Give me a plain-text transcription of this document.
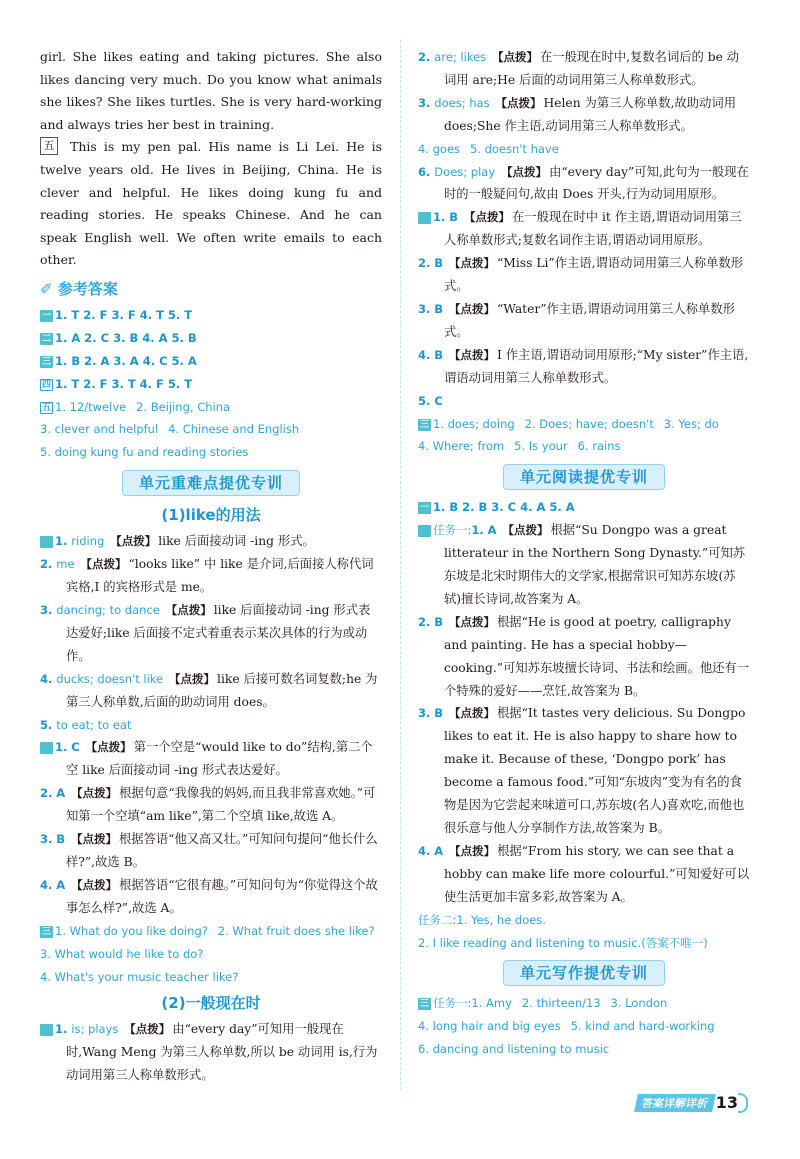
girl. She likes eating and taking pictures. She also likes dancing very much. Do you know what animals she likes? She likes turtles. She is very hard-working and always tries her best in training.

五 This is my pen pal. His name is Li Lei. He is twelve years old. He lives in Beijing, China. He is clever and helpful. He likes doing kung fu and reading stories. He speaks Chinese. And he can speak English well. We often write emails to each other.

✐ 参考答案

一 1. T 2. F 3. F 4. T 5. T

二 1. A 2. C 3. B 4. A 5. B

三 1. B 2. A 3. A 4. C 5. A

四 1. T 2. F 3. T 4. F 5. T

五 1. 12/twelve 2. Beijing, China

3. clever and helpful 4. Chinese and English

5. doing kung fu and reading stories

单元重难点提优专训
(1)like的用法

一 1. riding 【点拨】 like 后面接动词 -ing 形式。

2. me 【点拨】 “looks like” 中 like 是介词,后面接人称代词宾格,I 的宾格形式是 me。

3. dancing; to dance 【点拨】 like 后面接动词 -ing 形式表达爱好;like 后面接不定式着重表示某次具体的行为或动作。

4. ducks; doesn't like 【点拨】 like 后接可数名词复数;he 为第三人称单数,后面的助动词用 does。

5. to eat; to eat

二 1. C 【点拨】 第一个空是“would like to do”结构,第二个空 like 后面接动词 -ing 形式表达爱好。

2. A 【点拨】 根据句意“我像我的妈妈,而且我非常喜欢她。”可知第一个空填“am like”,第二个空填 like,故选 A。

3. B 【点拨】 根据答语“他又高又壮。”可知问句提问“他长什么样?”,故选 B。

4. A 【点拨】 根据答语“它很有趣。”可知问句为“你觉得这个故事怎么样?”,故选 A。

三 1. What do you like doing? 2. What fruit does she like?

3. What would he like to do?

4. What's your music teacher like?

(2)一般现在时

一 1. is; plays 【点拨】 由“every day”可知用一般现在时,Wang Meng 为第三人称单数,所以 be 动词用 is,行为动词用第三人称单数形式。

2. are; likes 【点拨】 在一般现在时中,复数名词后的 be 动词用 are;He 后面的动词用第三人称单数形式。

3. does; has 【点拨】 Helen 为第三人称单数,故助动词用 does;She 作主语,动词用第三人称单数形式。

4. goes 5. doesn't have

6. Does; play 【点拨】 由“every day”可知,此句为一般现在时的一般疑问句,故由 Does 开头,行为动词用原形。

二 1. B 【点拨】 在一般现在时中 it 作主语,谓语动词用第三人称单数形式;复数名词作主语,谓语动词用原形。

2. B 【点拨】 “Miss Li”作主语,谓语动词用第三人称单数形式。

3. B 【点拨】 “Water”作主语,谓语动词用第三人称单数形式。

4. B 【点拨】 I 作主语,谓语动词用原形;“My sister”作主语,谓语动词用第三人称单数形式。

5. C

三 1. does; doing 2. Does; have; doesn't 3. Yes; do

4. Where; from 5. Is your 6. rains

单元阅读提优专训

一 1. B 2. B 3. C 4. A 5. A

二 任务一:1. A 【点拨】 根据“Su Dongpo was a great litterateur in the Northern Song Dynasty.”可知苏东坡是北宋时期伟大的文学家,根据常识可知苏东坡(苏轼)擅长诗词,故答案为 A。

2. B 【点拨】 根据“He is good at poetry, calligraphy and painting. He has a special hobby—cooking.”可知苏东坡擅长诗词、书法和绘画。他还有一个特殊的爱好——烹饪,故答案为 B。

3. B 【点拨】 根据“It tastes very delicious. Su Dongpo likes to eat it. He is also happy to share how to make it. Because of these, ‘Dongpo pork’ has become a famous food.”可知“东坡肉”变为有名的食物是因为它尝起来味道可口,苏东坡(名人)喜欢吃,而他也很乐意与他人分享制作方法,故答案为 B。

4. A 【点拨】 根据“From his story, we can see that a hobby can make life more colourful.”可知爱好可以使生活更加丰富多彩,故答案为 A。

任务二:1. Yes, he does.

2. I like reading and listening to music.(答案不唯一)

单元写作提优专训

三 任务一:1. Amy 2. thirteen/13 3. London

4. long hair and big eyes 5. kind and hard-working

6. dancing and listening to music

答案详解详析 13
